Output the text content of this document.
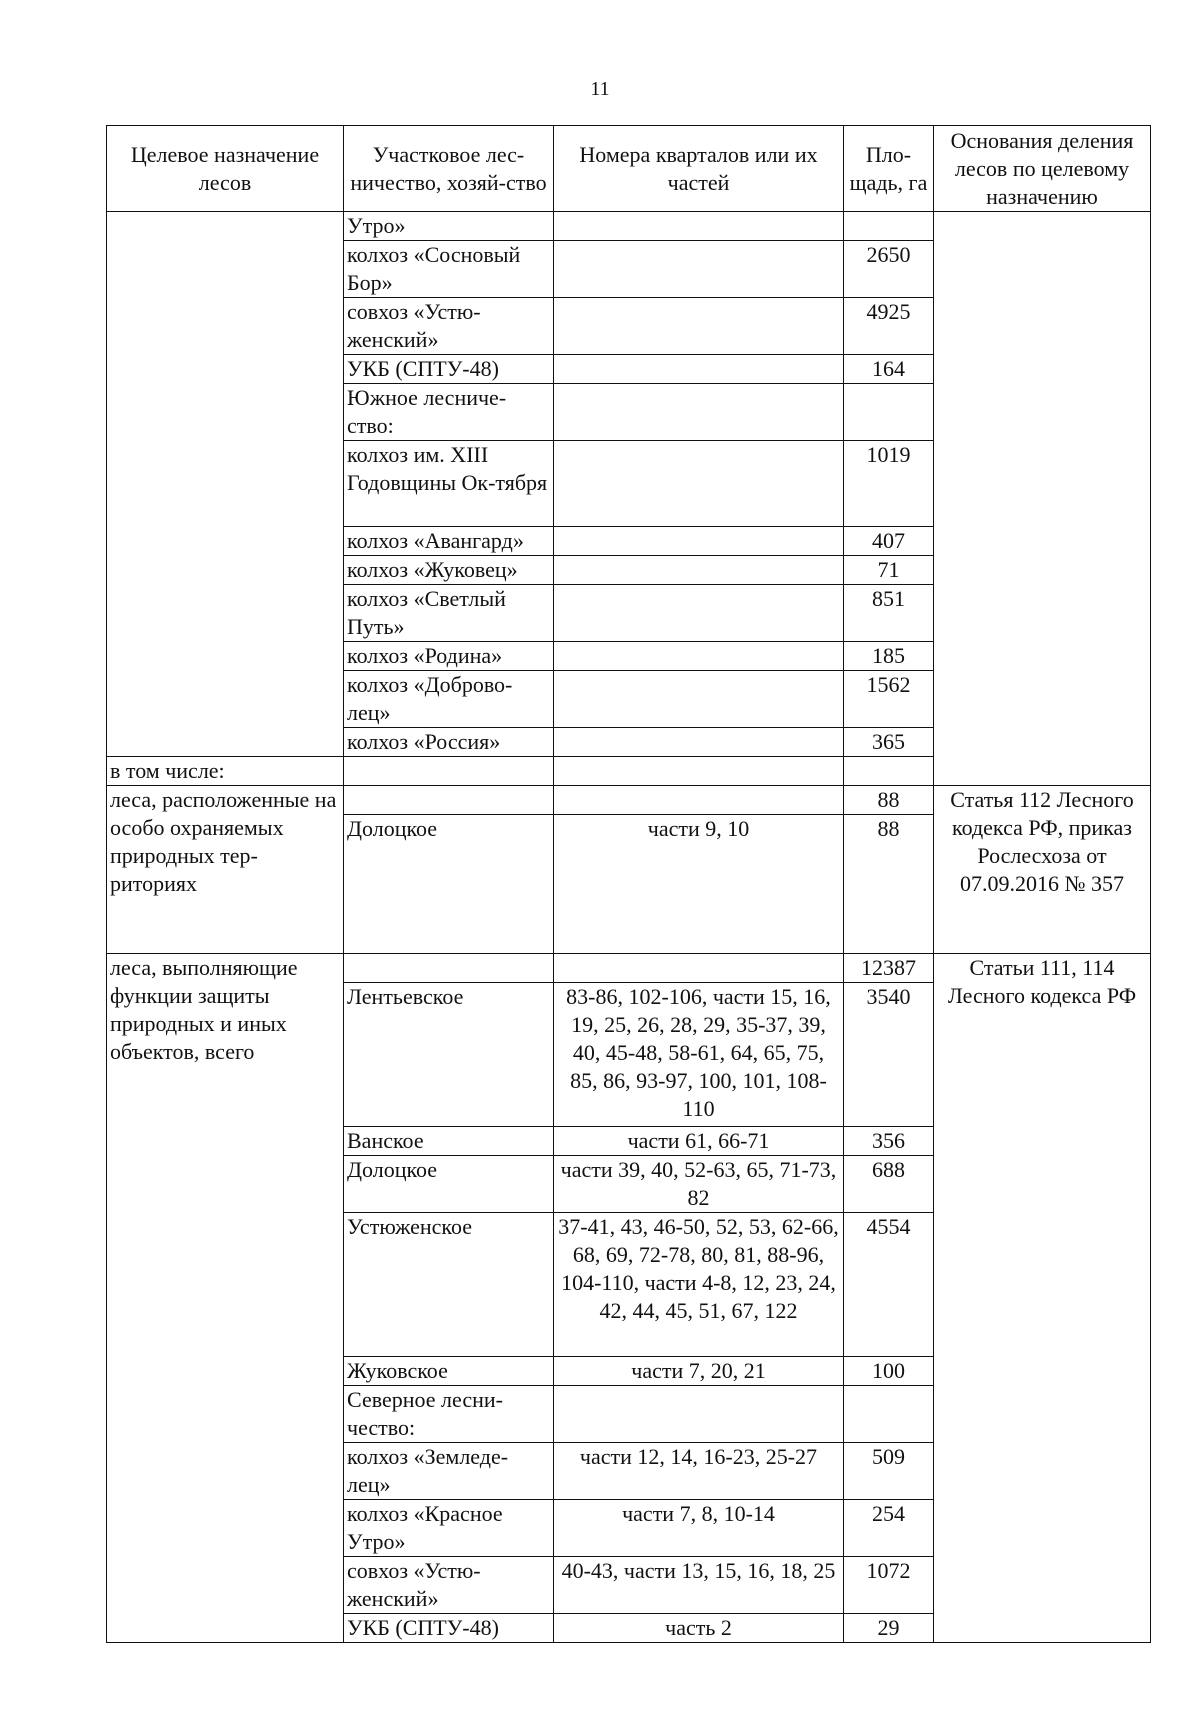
11
Целевое назначение лесов	Участковое лес-ничество, хозяй-ство	Номера кварталов или их частей	Пло-щадь, га	Основания деления лесов по целевому назначению
	Утро»			
	колхоз «Сосновый Бор»		2650	
	совхоз «Устю-женский»		4925	
	УКБ (СПТУ-48)		164	
	Южное лесниче-ство:			
	колхоз им. XIII Годовщины Ок-тября		1019	
	колхоз «Авангард»		407	
	колхоз «Жуковец»		71	
	колхоз «Светлый Путь»		851	
	колхоз «Родина»		185	
	колхоз «Доброво-лец»		1562	
	колхоз «Россия»		365	
в том числе:				
леса, расположенные на особо охраняемых природных тер-риториях			88	Статья 112 Лесного кодекса РФ, приказ Рослесхоза от 07.09.2016 № 357
	Долоцкое	части 9, 10	88	
леса, выполняющие функции защиты природных и иных объектов, всего			12387	Статьи 111, 114 Лесного кодекса РФ
	Лентьевское	83-86, 102-106, части 15, 16, 19, 25, 26, 28, 29, 35-37, 39, 40, 45-48, 58-61, 64, 65, 75, 85, 86, 93-97, 100, 101, 108-110	3540	
	Ванское	части 61, 66-71	356	
	Долоцкое	части 39, 40, 52-63, 65, 71-73, 82	688	
	Устюженское	37-41, 43, 46-50, 52, 53, 62-66, 68, 69, 72-78, 80, 81, 88-96, 104-110, части 4-8, 12, 23, 24, 42, 44, 45, 51, 67, 122	4554	
	Жуковское	части 7, 20, 21	100	
	Северное лесни-чество:			
	колхоз «Земледе-лец»	части 12, 14, 16-23, 25-27	509	
	колхоз «Красное Утро»	части 7, 8, 10-14	254	
	совхоз «Устю-женский»	40-43, части 13, 15, 16, 18, 25	1072	
	УКБ (СПТУ-48)	часть 2	29	
